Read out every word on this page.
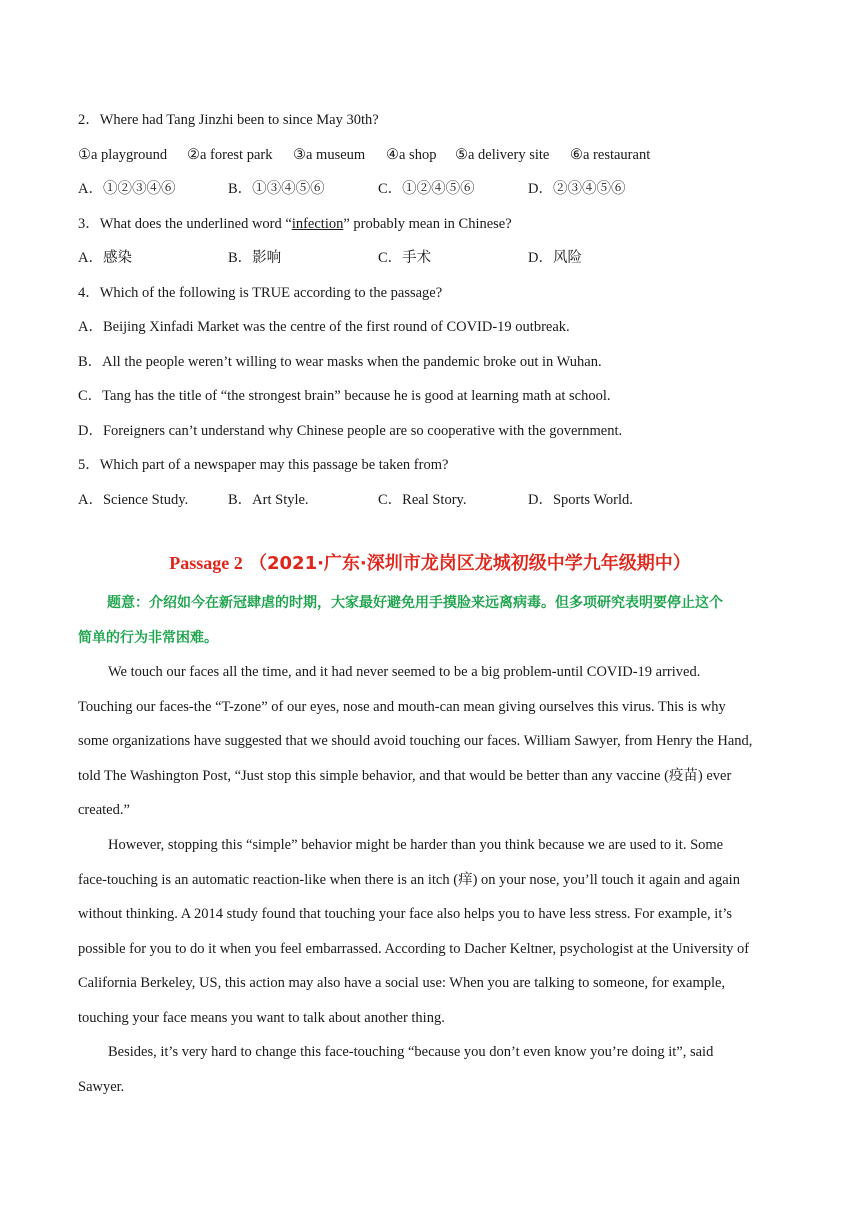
2．Where had Tang Jinzhi been to since May 30th?
①a playground ②a forest park ③a museum ④a shop ⑤a delivery site ⑥a restaurant
A．①②③④⑥	B．①③④⑤⑥	C．①②④⑤⑥	D．②③④⑤⑥
3．What does the underlined word “infection” probably mean in Chinese?
A．感染	B．影响	C．手术	D．风险
4．Which of the following is TRUE according to the passage?
A．Beijing Xinfadi Market was the centre of the first round of COVID-19 outbreak.
B．All the people weren’t willing to wear masks when the pandemic broke out in Wuhan.
C．Tang has the title of “the strongest brain” because he is good at learning math at school.
D．Foreigners can’t understand why Chinese people are so cooperative with the government.
5．Which part of a newspaper may this passage be taken from?
A．Science Study.	B．Art Style.	C．Real Story.	D．Sports World.
Passage 2 （2021·广东·深圳市龙岗区龙城初级中学九年级期中）
题意：介绍如今在新冠肆虐的时期，大家最好避免用手摸脸来远离病毒。但多项研究表明要停止这个
简单的行为非常困难。
We touch our faces all the time, and it had never seemed to be a big problem-until COVID-19 arrived.
Touching our faces-the “T-zone” of our eyes, nose and mouth-can mean giving ourselves this virus. This is why
some organizations have suggested that we should avoid touching our faces. William Sawyer, from Henry the Hand,
told The Washington Post, “Just stop this simple behavior, and that would be better than any vaccine (疫苗) ever
created.”
However, stopping this “simple” behavior might be harder than you think because we are used to it. Some
face-touching is an automatic reaction-like when there is an itch (痒) on your nose, you’ll touch it again and again
without thinking. A 2014 study found that touching your face also helps you to have less stress. For example, it’s
possible for you to do it when you feel embarrassed. According to Dacher Keltner, psychologist at the University of
California Berkeley, US, this action may also have a social use: When you are talking to someone, for example,
touching your face means you want to talk about another thing.
Besides, it’s very hard to change this face-touching “because you don’t even know you’re doing it”, said
Sawyer.
